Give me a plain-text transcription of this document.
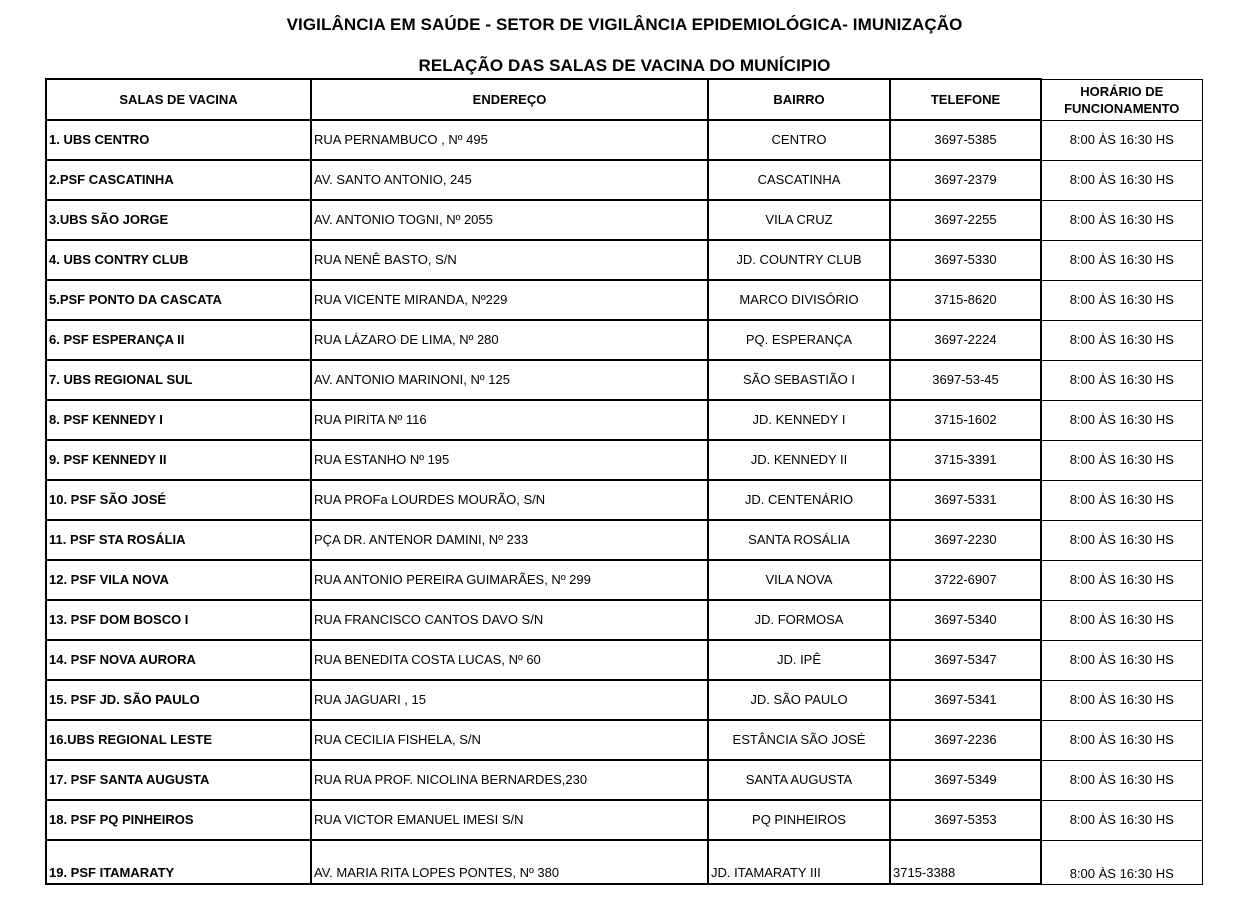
VIGILÂNCIA EM SAÚDE - SETOR DE VIGILÂNCIA EPIDEMIOLÓGICA- IMUNIZAÇÃO
RELAÇÃO DAS SALAS DE VACINA DO MUNÍCIPIO
SALAS DE VACINA	ENDEREÇO	BAIRRO	TELEFONE	HORÁRIO DE FUNCIONAMENTO
1. UBS CENTRO	RUA PERNAMBUCO , Nº 495	CENTRO	3697-5385	8:00 ÀS 16:30 HS
2.PSF CASCATINHA	AV. SANTO ANTONIO, 245	CASCATINHA	3697-2379	8:00 ÀS 16:30 HS
3.UBS SÃO JORGE	AV. ANTONIO TOGNI, Nº 2055	VILA CRUZ	3697-2255	8:00 ÀS 16:30 HS
4. UBS CONTRY CLUB	RUA NENÊ BASTO, S/N	JD. COUNTRY CLUB	3697-5330	8:00 ÀS 16:30 HS
5.PSF PONTO DA CASCATA	RUA VICENTE MIRANDA, Nº229	MARCO DIVISÓRIO	3715-8620	8:00 ÀS 16:30 HS
6. PSF ESPERANÇA II	RUA LÁZARO DE LIMA, Nº 280	PQ. ESPERANÇA	3697-2224	8:00 ÀS 16:30 HS
7. UBS REGIONAL SUL	AV. ANTONIO MARINONI, Nº 125	SÃO SEBASTIÃO I	3697-53-45	8:00 ÀS 16:30 HS
8. PSF KENNEDY I	RUA PIRITA Nº 116	JD. KENNEDY I	3715-1602	8:00 ÀS 16:30 HS
9. PSF KENNEDY II	RUA ESTANHO Nº 195	JD. KENNEDY II	3715-3391	8:00 ÀS 16:30 HS
10. PSF SÃO JOSÉ	RUA PROFa LOURDES MOURÃO, S/N	JD. CENTENÁRIO	3697-5331	8:00 ÀS 16:30 HS
11. PSF STA ROSÁLIA	PÇA DR. ANTENOR DAMINI, Nº 233	SANTA ROSÁLIA	3697-2230	8:00 ÀS 16:30 HS
12. PSF VILA NOVA	RUA ANTONIO PEREIRA GUIMARÃES, Nº 299	VILA NOVA	3722-6907	8:00 ÀS 16:30 HS
13. PSF DOM BOSCO I	RUA FRANCISCO CANTOS DAVO S/N	JD. FORMOSA	3697-5340	8:00 ÀS 16:30 HS
14. PSF NOVA AURORA	RUA BENEDITA COSTA LUCAS, Nº 60	JD. IPÊ	3697-5347	8:00 ÀS 16:30 HS
15. PSF JD. SÃO PAULO	RUA JAGUARI , 15	JD. SÃO PAULO	3697-5341	8:00 ÀS 16:30 HS
16.UBS REGIONAL LESTE	RUA CECILIA FISHELA, S/N	ESTÂNCIA SÃO JOSÉ	3697-2236	8:00 ÀS 16:30 HS
17. PSF SANTA AUGUSTA	RUA RUA PROF. NICOLINA BERNARDES,230	SANTA AUGUSTA	3697-5349	8:00 ÀS 16:30 HS
18. PSF PQ PINHEIROS	RUA VICTOR EMANUEL IMESI S/N	PQ PINHEIROS	3697-5353	8:00 ÀS 16:30 HS
19. PSF ITAMARATY	AV. MARIA RITA LOPES PONTES, Nº 380	JD. ITAMARATY III	3715-3388	8:00 ÀS 16:30 HS
